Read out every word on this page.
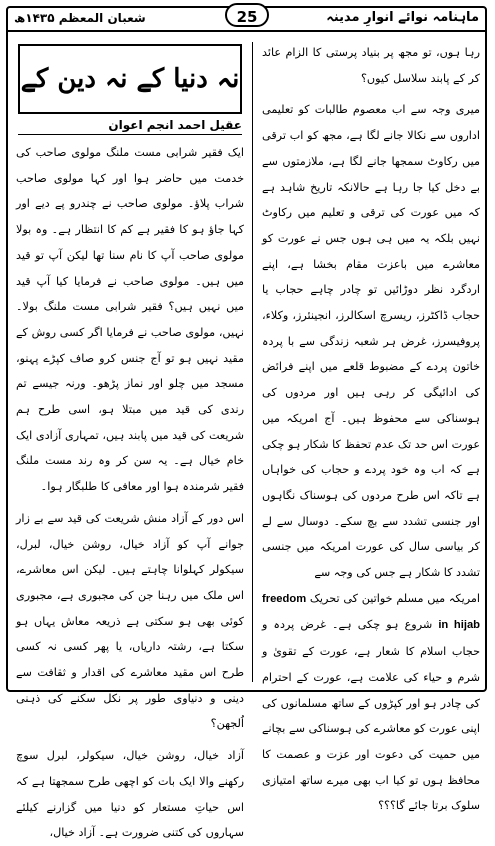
شعبان المعظم ۱۴۳۵ھ	ماہنامہ نوائے انوارِ مدینہ
25

رہا ہوں، تو مجھ پر بنیاد پرستی کا الزام عائد کر کے پابند سلاسل کیوں؟

میری وجہ سے اب معصوم طالبات کو تعلیمی اداروں سے نکالا جانے لگا ہے، مجھ کو اب ترقی میں رکاوٹ سمجھا جانے لگا ہے، ملازمتوں سے بے دخل کیا جا رہا ہے حالانکہ تاریخ شاہد ہے کہ میں عورت کی ترقی و تعلیم میں رکاوٹ نہیں بلکہ یہ میں ہی ہوں جس نے عورت کو معاشرے میں باعزت مقام بخشا ہے، اپنے اردگرد نظر دوڑائیں تو چادر چاہے حجاب یا حجاب ڈاکٹرز، ریسرچ اسکالرز، انجینئرز، وکلاء، پروفیسرز، غرض ہر شعبہ زندگی سے با پردہ خاتون پردے کے مضبوط قلعے میں اپنے فرائض کی ادائیگی کر رہی ہیں اور مردوں کی ہوسناکی سے محفوظ ہیں۔ آج امریکہ میں عورت اس حد تک عدم تحفظ کا شکار ہو چکی ہے کہ اب وہ خود پردے و حجاب کی خواہاں ہے تاکہ اس طرح مردوں کی ہوسناک نگاہوں اور جنسی تشدد سے بچ سکے۔ دوسال سے لے کر بیاسی سال کی عورت امریکہ میں جنسی تشدد کا شکار ہے جس کی وجہ سے

امریکہ میں مسلم خواتین کی تحریک freedom in hijab شروع ہو چکی ہے۔ غرض پردہ و حجاب اسلام کا شعار ہے، عورت کے تقویٰ و شرم و حیاء کی علامت ہے، عورت کے احترام کی چادر ہو اور کپڑوں کے ساتھ مسلمانوں کی اپنی عورت کو معاشرے کی ہوسناکی سے بچانے میں حمیت کی دعوت اور عزت و عصمت کا محافظ ہوں تو کیا اب بھی میرے ساتھ امتیازی سلوک برتا جائے گا؟؟؟

نہ دنیا کے نہ دین کے
عقیل احمد انجم اعوان

ایک فقیر شرابی مست ملنگ مولوی صاحب کی خدمت میں حاضر ہوا اور کہا مولوی صاحب شراب پلاؤ۔ مولوی صاحب نے چندرو پے دیے اور کہا جاؤ ہو کا فقیر ہے کم کا انتظار ہے۔ وہ بولا مولوی صاحب آپ کا نام سنا تھا لیکن آپ تو قید میں ہیں۔ مولوی صاحب نے فرمایا کیا آپ قید میں نہیں ہیں؟ فقیر شرابی مست ملنگ بولا۔ نہیں، مولوی صاحب نے فرمایا اگر کسی روش کے مقید نہیں ہو تو آج جنس کرو صاف کپڑے پہنو، مسجد میں چلو اور نماز پڑھو۔ ورنہ جیسے تم رندی کی قید میں مبتلا ہو، اسی طرح ہم شریعت کی قید میں پابند ہیں، تمہاری آزادی ایک خام خیال ہے۔ یہ سن کر وہ رند مست ملنگ فقیر شرمندہ ہوا اور معافی کا طلبگار ہوا۔

اس دور کے آزاد منش شریعت کی قید سے بے زار جوانے آپ کو آزاد خیال، روشن خیال، لبرل، سیکولر کہلوانا چاہتے ہیں۔ لیکن اس معاشرے، اس ملک میں رہنا جن کی مجبوری ہے، مجبوری کوئی بھی ہو سکتی ہے ذریعہ معاش یہاں ہو سکتا ہے، رشتہ داریاں، یا پھر کسی نہ کسی طرح اس مقید معاشرے کی اقدار و ثقافت سے دینی و دنیاوی طور پر نکل سکنے کی ذہنی اُلجھن؟

آزاد خیال، روشن خیال، سیکولر، لبرل سوچ رکھنے والا ایک بات کو اچھی طرح سمجھتا ہے کہ اس حیاتِ مستعار کو دنیا میں گزارنے کیلئے سہاروں کی کتنی ضرورت ہے۔ آزاد خیال،
